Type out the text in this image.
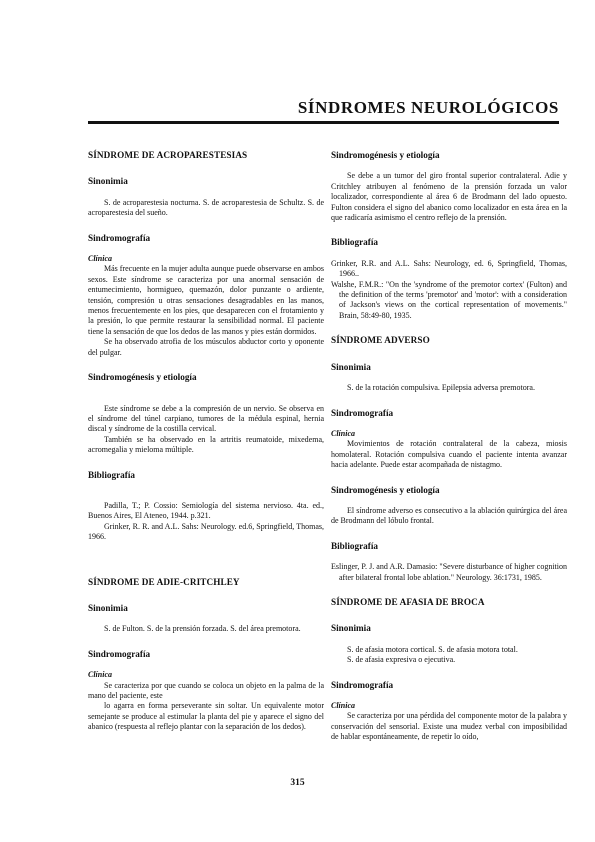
SÍNDROMES NEUROLÓGICOS
SÍNDROME DE ACROPARESTESIAS
Sinonimia

S. de acroparestesia nocturna. S. de acroparestesia de Schultz. S. de acroparestesia del sueño.

Sindromografía

Clínica

Más frecuente en la mujer adulta aunque puede observarse en ambos sexos. Este síndrome se caracteriza por una anormal sensación de entumecimiento, hormigueo, quemazón, dolor punzante o ardiente, tensión, compresión u otras sensaciones desagradables en las manos, menos frecuentemente en los pies, que desaparecen con el frotamiento y la presión, lo que permite restaurar la sensibilidad normal. El paciente tiene la sensación de que los dedos de las manos y pies están dormidos.

Se ha observado atrofia de los músculos abductor corto y oponente del pulgar.

Sindromogénesis y etiología

Este síndrome se debe a la compresión de un nervio. Se observa en el síndrome del túnel carpiano, tumores de la médula espinal, hernia discal y síndrome de la costilla cervical.

También se ha observado en la artritis reumatoide, mixedema, acromegalia y mieloma múltiple.

Bibliografía

Padilla, T.; P. Cossio: Semiología del sistema nervioso. 4ta. ed., Buenos Aires, El Ateneo, 1944. p.321.

Grinker, R. R. and A.L. Sahs: Neurology. ed.6, Springfield, Thomas, 1966.

SÍNDROME DE ADIE-CRITCHLEY
Sinonimia

S. de Fulton. S. de la prensión forzada. S. del área premotora.

Sindromografía

Clínica

Se caracteriza por que cuando se coloca un objeto en la palma de la mano del paciente, este

lo agarra en forma perseverante sin soltar. Un equivalente motor semejante se produce al estimular la planta del pie y aparece el signo del abanico (respuesta al reflejo plantar con la separación de los dedos).

Sindromogénesis y etiología

Se debe a un tumor del giro frontal superior contralateral. Adie y Critchley atribuyen al fenómeno de la prensión forzada un valor localizador, correspondiente al área 6 de Brodmann del lado opuesto. Fulton considera el signo del abanico como localizador en esta área en la que radicaría asimismo el centro reflejo de la prensión.

Bibliografía

Grinker, R.R. and A.L. Sahs: Neurology, ed. 6, Springfield, Thomas, 1966..

Walshe, F.M.R.: "On the 'syndrome of the premotor cortex' (Fulton) and the definition of the terms 'premotor' and 'motor': with a consideration of Jackson's views on the cortical representation of movements." Brain, 58:49-80, 1935.

SÍNDROME ADVERSO
Sinonimia

S. de la rotación compulsiva. Epilepsia adversa premotora.

Sindromografía

Clínica

Movimientos de rotación contralateral de la cabeza, miosis homolateral. Rotación compulsiva cuando el paciente intenta avanzar hacia adelante. Puede estar acompañada de nistagmo.

Sindromogénesis y etiología

El síndrome adverso es consecutivo a la ablación quirúrgica del área de Brodmann del lóbulo frontal.

Bibliografía

Eslinger, P. J. and A.R. Damasio: "Severe disturbance of higher cognition after bilateral frontal lobe ablation." Neurology. 36:1731, 1985.

SÍNDROME DE AFASIA DE BROCA
Sinonimia

S. de afasia motora cortical. S. de afasia motora total.

S. de afasia expresiva o ejecutiva.

Sindromografía

Clínica

Se caracteriza por una pérdida del componente motor de la palabra y conservación del sensorial. Existe una mudez verbal con imposibilidad de hablar espontáneamente, de repetir lo oído,

315
